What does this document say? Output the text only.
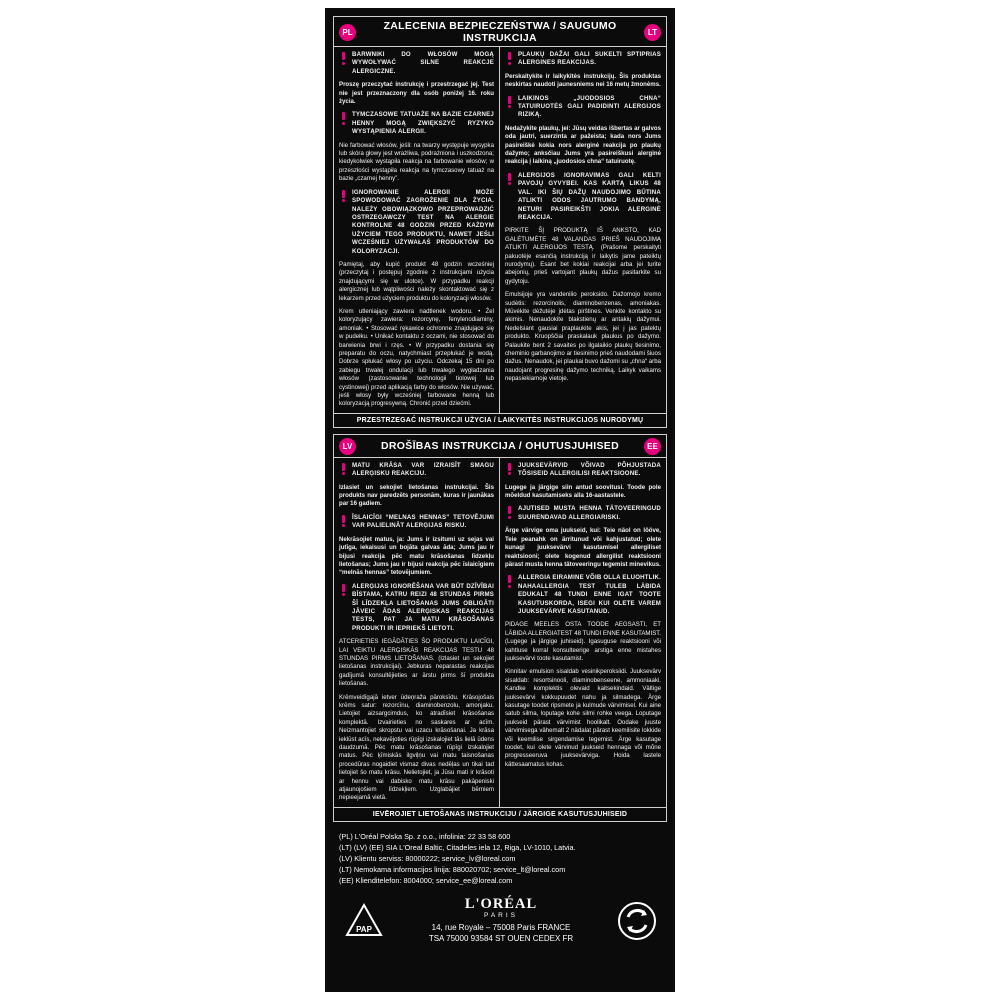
PL	ZALECENIA BEZPIECZEŃSTWA / SAUGUMO INSTRUKCIJA	LT
BARWNIKI DO WŁOSÓW MOGĄ WYWOŁYWAĆ SILNE REAKCJE ALERGICZNE.
Proszę przeczytać instrukcję i przestrzegać jej. Test nie jest przeznaczony dla osób poniżej 16. roku życia.
TYMCZASOWE TATUAŻE NA BAZIE CZARNEJ HENNY MOGĄ ZWIĘKSZYĆ RYZYKO WYSTĄPIENIA ALERGII.
Nie farbować włosów, jeśli: na twarzy występuje wysypka lub skóra głowy jest wrażliwa, podrażniona i uszkodzona; kiedykolwiek wystąpiła reakcja na farbowanie włosów; w przeszłości wystąpiła reakcja na tymczasowy tatuaż na bazie „czarnej henny”.
IGNOROWANIE ALERGII MOŻE SPOWODOWAĆ ZAGROŻENIE DLA ŻYCIA. NALEŻY OBOWIĄZKOWO PRZEPROWADZIĆ OSTRZEGAWCZY TEST NA ALERGIE KONTROLNE 48 GODZIN PRZED KAŻDYM UŻYCIEM TEGO PRODUKTU, NAWET JEŚLI WCZEŚNIEJ UŻYWAŁAŚ PRODUKTÓW DO KOLORYZACJI.
Pamiętaj, aby kupić produkt 48 godzin wcześniej (przeczytaj i postępuj zgodnie z instrukcjami użycia znajdującymi się w ulotce). W przypadku reakcji alergicznej lub wątpliwości należy skontaktować się z lekarzem przed użyciem produktu do koloryzacji włosów.
Krem utleniający zawiera nadtlenek wodoru. • Żel koloryzujący zawiera: rezorcynę, fenylenodiaminy, amoniak. • Stosować rękawice ochronne znajdujące się w pudełku. • Unikać kontaktu z oczami, nie stosować do barwienia brwi i rzęs. • W przypadku dostania się preparatu do oczu, natychmiast przepłukać je wodą. Dobrze spłukać włosy po użyciu. Odczekaj 15 dni po zabiegu trwałej ondulacji lub trwałego wygładzania włosów (zastosowanie technologii tiolowej lub cystinowej) przed aplikacją farby do włosów. Nie używać, jeśli włosy były wcześniej farbowane henną lub koloryzacją progresywną. Chronić przed dziećmi.
PLAUKŲ DAŽAI GALI SUKELTI SPTIPRIAS ALERGINES REAKCIJAS.
Perskaitykite ir laikykitės instrukcijų. Šis produktas neskirtas naudoti jaunesniems nei 16 metų žmonėms.
LAIKINOS „JUODOSIOS CHNA“ TATUIRUOTĖS GALI PADIDINTI ALERGIJOS RIZIKĄ.
Nedažykite plaukų, jei: Jūsų veidas išbertas ar galvos oda jautri, suerzinta ar pažeista; kada nors Jums pasireiškė kokia nors alerginė reakcija po plaukų dažymo; anksčiau Jums yra pasireiškusi alerginė reakcija į laikiną „juodosios chna“ tatuiruotę.
ALERGIJOS IGNORAVIMAS GALI KELTI PAVOJŲ GYVYBEI. KAS KARTĄ LIKUS 48 VAL. IKI ŠIŲ DAŽŲ NAUDOJIMO BŪTINA ATLIKTI ODOS JAUTRUMO BANDYMĄ, NETURI PASIREIKŠTI JOKIA ALERGINĖ REAKCIJA.
PIRKITE ŠĮ PRODUKTĄ IŠ ANKSTO, KAD GALĖTUMĖTE 48 VALANDAS PRIEŠ NAUDOJIMĄ ATLIKTI ALERGIJOS TESTĄ. (Prašome perskaityti pakuotėje esančią instrukciją ir laikytis jame pateiktų nurodymų). Esant bet kokiai reakcijai arba jei turite abejonių, prieš vartojant plaukų dažus pasitarkite su gydytoju.
Emulsijoje yra vandenilio peroksido. Dažomojo kremo sudėtis: rezorcinolis, diaminobenzenas, amoniakas. Mūvėkite dėžutėje įdėtas pirštines. Venkite kontakto su akimis. Nenaudokite blakstienų ar antakių dažymui. Nedelsiant gausiai praplaukite akis, jei į jas patektų produkto. Kruopščiai praskalauk plaukus po dažymo. Palaukite bent 2 savaites po ilgalaikio plaukų tiesinimo, cheminio garbanojimo ar tiesinimo prieš naudodami šiuos dažus. Nenaudok, jei plaukai buvo dažomi su „chna“ arba naudojant progresinę dažymo techniką. Laikyk vaikams nepasiekiamoje vietoje.
PRZESTRZEGAĆ INSTRUKCJI UŻYCIA / LAIKYKITĖS INSTRUKCIJOS NURODYMŲ
LV	DROŠĪBAS INSTRUKCIJA / OHUTUSJUHISED	EE
MATU KRĀSA VAR IZRAISĪT SMAGU ALERĢISKU REAKCIJU.
Izlasiet un sekojiet lietošanas instrukcijai. Šis produkts nav paredzēts personām, kuras ir jaunākas par 16 gadiem.
ĪSLAICĪGI “MELNAS HENNAS” TETOVĒJUMI VAR PALIELINĀT ALERĢIJAS RISKU.
Nekrāsojiet matus, ja: Jums ir izsitumi uz sejas vai jutīga, iekaisusi un bojāta galvas āda; Jums jau ir bijusi reakcija pēc matu krāsošanas līdzekļu lietošanas; Jums jau ir bijusi reakcija pēc īslaicīgiem “melnās hennas” tetovējumiem.
ALERĢIJAS IGNORĒŠANA VAR BŪT DZĪVĪBAI BĪSTAMA, KATRU REIZI 48 STUNDAS PIRMS ŠĪ LĪDZEKĻA LIETOŠANAS JUMS OBLIGĀTI JĀVEIC ĀDAS ALERĢISKAS REAKCIJAS TESTS, PAT JA MATU KRĀSOŠANAS PRODUKTI IR IEPRIEKŠ LIETOTI.
ATCERIETIES IEGĀDĀTIES ŠO PRODUKTU LAICĪGI, LAI VEIKTU ALERĢISKĀS REAKCIJAS TESTU 48 STUNDAS PIRMS LIETOŠANAS. (Izlasiet un sekojiet lietošanas instrukcijai). Jebkuras neparastas reakcijas gadījumā konsultējieties ar ārstu pirms šī produkta lietošanas.
Krēmveidīgajā ietver ūdeņraža pāroksīdu. Krāsojošais krēms satur: rezorcīnu, diaminobenzolu, amonjaku. Lietojiet aizsargcimdus, ko atradīsiet krāsošanas komplektā. Izvairieties no saskares ar acīm. Neizmantojiet skropstu vai uzacu krāsošanai. Ja krāsa ieklūst acīs, nekavējoties rūpīgi izskalojiet tās lielā ūdens daudzumā. Pēc matu krāsošanas rūpīgi izskalojiet matus. Pēc ķīmiskās ilgviļņu vai matu taisnošanas procedūras nogaidiet vismaz divas nedēļas un tikai tad lietojiet šo matu krāsu. Nelietojiet, ja Jūsu mati ir krāsoti ar hennu vai dabisko matu krāsu pakāpeniski atjaunojošiem līdzekļiem. Uzglabājiet bērniem nepieejamā vietā.
JUUKSEVÄRVID VÕIVAD PÕHJUSTADA TÕSISEID ALLERGILISI REAKTSIOONE.
Lugege ja järgige siin antud soovitusi. Toode pole mõeldud kasutamiseks alla 16-aastastele.
AJUTISED MUSTA HENNA TÄTOVEERINGUD SUURENDAVAD ALLERGIARISKI.
Ärge värvige oma juukseid, kui: Teie näol on lööve, Teie peanahk on ärritunud või kahjustatud; olete kunagi juuksevärvi kasutamisel allergiliset reaktsiooni; olete kogenud allergilist reaktsiooni pärast musta henna tätoveeringu tegemist minevikus.
ALLERGIA EIRAMINE VÕIB OLLA ELUOHTLIK. NAHAALLERGIA TEST TULEB LÄBIDA EDUKALT 48 TUNDI ENNE IGAT TOOTE KASUTUSKORDA, ISEGI KUI OLETE VAREM JUUKSEVÄRVE KASUTANUD.
PIDAGE MEELES OSTA TOODE AEGSASTI, ET LÄBIDA ALLERGIATEST 48 TUNDI ENNE KASUTAMIST. (Lugege ja järgige juhiseid). Igasuguse reaktsiooni või kahtluse korral konsulteerige arstiga enne mistahes juuksevärvi toote kasutamist.
Kinnitav emulsion sisaldab vesinikperoksiidi. Juuksevärv sisaldab: resortsinooli, diaminobenseene, ammoniaaki. Kandke komplektis olevaid kaitsekindaid. Vältige juuksevärvi kokkupuudet nahu ja silmadega. Ärge kasutage toodet ripsmete ja kulmude värvimisel. Kui aine satub silma, loputage kohe silmi rohke veega. Loputage juukseid pärast värvimist hoolikalt. Oodake juuste värvimisega vähemalt 2 nädalat pärast keemilisite lokkide või keemilise sirgendamise tegemist. Ärge kasutage toodet, kui olete värvinud juukseid hennaga või mõne progresseeruva juuksevärviga. Hoida lastele kättesaamatus kohas.
IEVĒROJIET LIETOŠANAS INSTRUKCIJU / JÄRGIGE KASUTUSJUHISEID
(PL) L'Oréal Polska Sp. z o.o., infolinia: 22 33 58 600
(LT) (LV) (EE) SIA L'Oreal Baltic, Citadeles iela 12, Riga, LV-1010, Latvia.
(LV) Klientu serviss: 80000222; service_lv@loreal.com
(LT) Nemokama informacijos linija: 880020702; service_lt@loreal.com
(EE) Klienditelefon: 8004000; service_ee@loreal.com
PAP
L'ORÉAL
PARIS
14, rue Royale – 75008 Paris FRANCE
TSA 75000 93584 ST OUEN CEDEX FR
